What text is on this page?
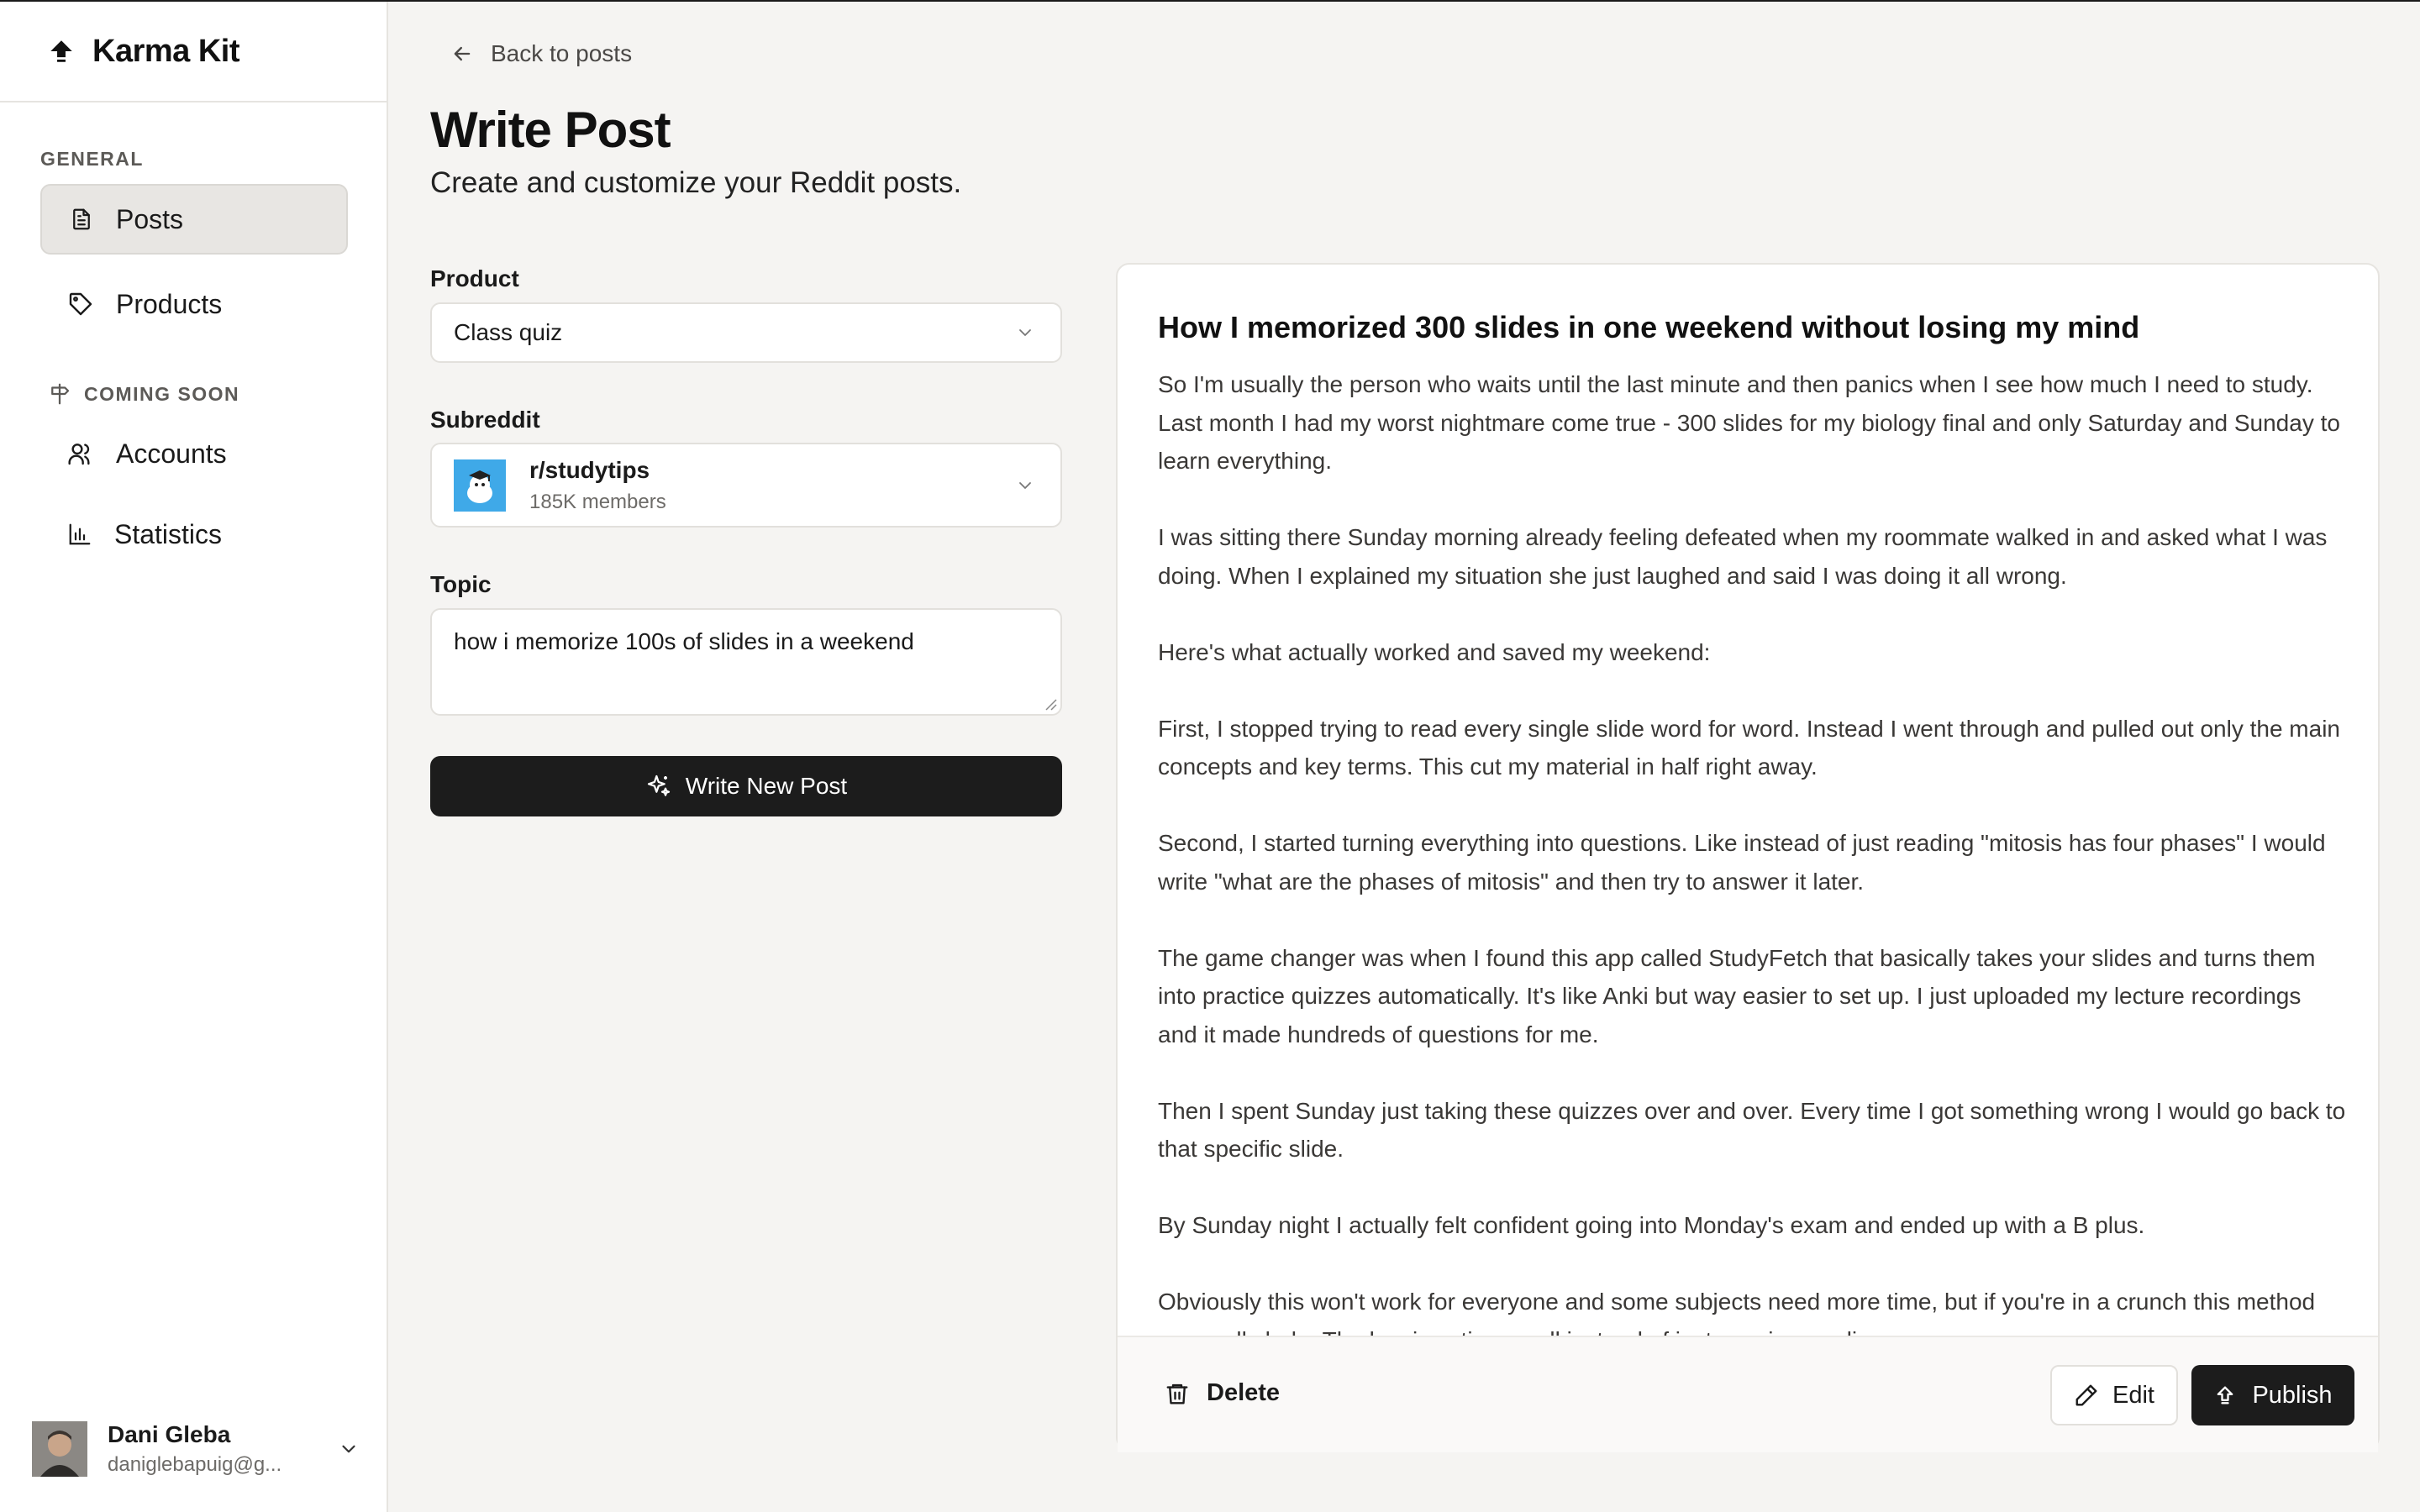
Karma Kit
GENERAL
Posts
Products
COMING SOON
Accounts
Statistics
Dani Gleba
daniglebapuig@g...
Back to posts
Write Post
Create and customize your Reddit posts.
Product
Class quiz
Subreddit
r/studytips
185K members
Topic
how i memorize 100s of slides in a weekend
Write New Post
How I memorized 300 slides in one weekend without losing my mind

So I'm usually the person who waits until the last minute and then panics when I see how much I need to study. Last month I had my worst nightmare come true - 300 slides for my biology final and only Saturday and Sunday to learn everything.

I was sitting there Sunday morning already feeling defeated when my roommate walked in and asked what I was doing. When I explained my situation she just laughed and said I was doing it all wrong.

Here's what actually worked and saved my weekend:

First, I stopped trying to read every single slide word for word. Instead I went through and pulled out only the main concepts and key terms. This cut my material in half right away.

Second, I started turning everything into questions. Like instead of just reading "mitosis has four phases" I would write "what are the phases of mitosis" and then try to answer it later.

The game changer was when I found this app called StudyFetch that basically takes your slides and turns them into practice quizzes automatically. It's like Anki but way easier to set up. I just uploaded my lecture recordings and it made hundreds of questions for me.

Then I spent Sunday just taking these quizzes over and over. Every time I got something wrong I would go back to that specific slide.

By Sunday night I actually felt confident going into Monday's exam and ended up with a B plus.

Obviously this won't work for everyone and some subjects need more time, but if you're in a crunch this method

Delete	Edit	Publish
